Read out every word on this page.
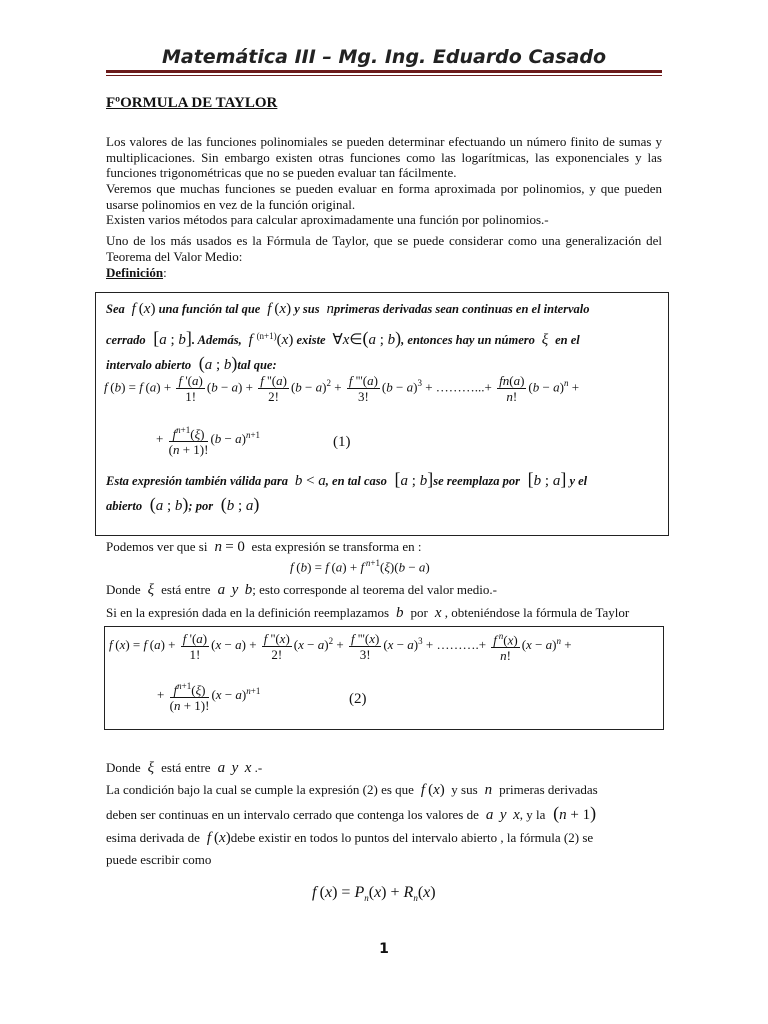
Matemática III – Mg. Ing. Eduardo Casado
FºORMULA DE TAYLOR
Los valores de las funciones polinomiales se pueden determinar efectuando un número finito de sumas y multiplicaciones. Sin embargo existen otras funciones como las logarítmicas, las exponenciales y las funciones trigonométricas que no se pueden evaluar tan fácilmente.
Veremos que muchas funciones se pueden evaluar en forma aproximada por polinomios, y que pueden usarse polinomios en vez de la función original.
Existen varios métodos para calcular aproximadamente una función por polinomios.-
Uno de los más usados es la Fórmula de Taylor, que se puede considerar como una generalización del Teorema del Valor Medio:
Definición:
Sea  f (x) una función tal que  f (x) y sus  nprimeras derivadas sean continuas en el intervalo
cerrado  [a ; b]. Además,  f $^{(n+1)}$(x) existe  ∀x∈(a ; b), entonces hay un número  ξ  en el
intervalo abierto  (a ; b)tal que:
f (b) = f $(a) + \frac{f '(a)}{1!} (b - a) + \frac{f ''(a)}{2!} (b - a)^2 + \frac{f '''(a)}{3!} (b - a)^3$ + ………...+ $\frac{fn(a)}{n!} (b - a)^n$ +
+ $\frac{f^{n+1}(\xi)}{(n + 1)!} (b - a)^{n+1}$	(1)
Esta expresión también válida para  b < a, en tal caso  [a ; b]se reemplaza por  [b ; a] y el
abierto  (a ; b); por  (b ; a)
Podemos ver que si  n = 0 esta expresión se transforma en :
f (b) = f (a) + f  $^{n+1}$(ξ)(b − a)
Donde  ξ  está entre  a y b; esto corresponde al teorema del valor medio.-
Si en la expresión dada en la definición reemplazamos  b  por  x , obteniéndose la fórmula de Taylor
f (x) = f $(a) + \frac{f '(a)}{1!} (x - a) + \frac{f ''(x)}{2!} (x - a)^2 + \frac{f '''(x)}{3!} (x - a)^3$ + ……….+ $\frac{f ^n(x)}{n!} (x - a)^n$ +
+ $\frac{f^{n+1}(\xi)}{(n + 1)!} (x - a)^{n+1}$
(2)
Donde  ξ  está entre  a y x .-
La condición bajo la cual se cumple la expresión (2) es que  f (x) y sus  n  primeras derivadas
deben ser continuas en un intervalo cerrado que contenga los valores de  a y x, y la  (n + 1)
esima derivada de  f (x)debe existir en todos lo puntos del intervalo abierto , la fórmula (2) se
puede escribir como
f $(x) = P_n(x) + R_n(x)$
1
